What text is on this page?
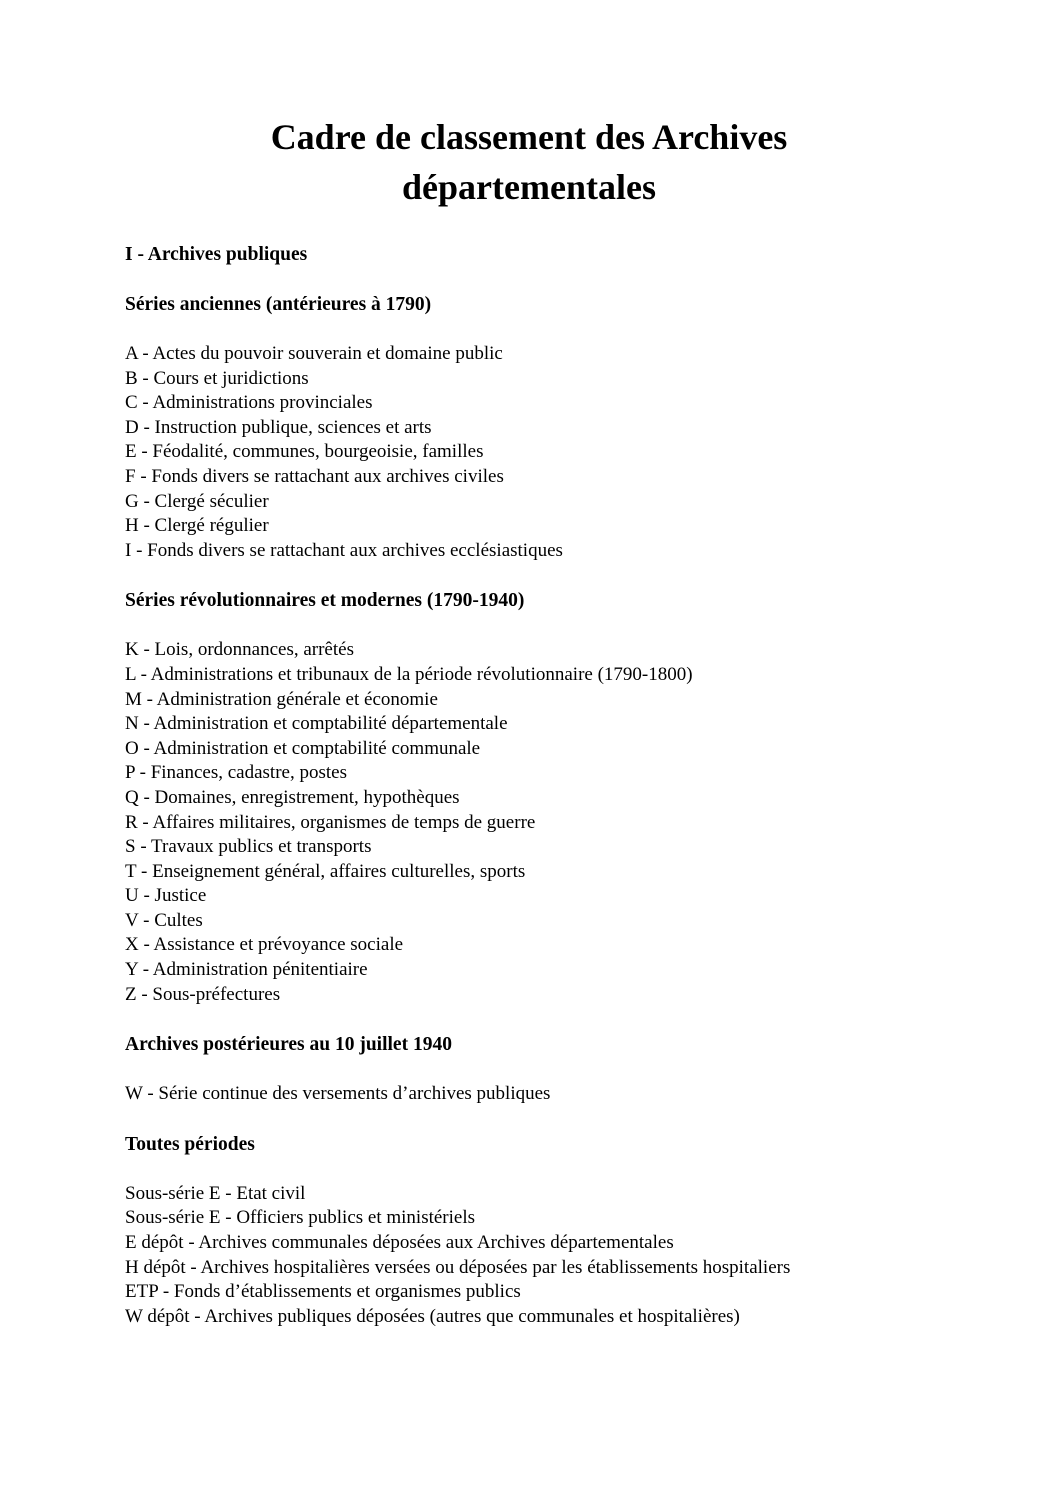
Cadre de classement des Archives départementales
I - Archives publiques
Séries anciennes (antérieures à 1790)

A - Actes du pouvoir souverain et domaine public

B - Cours et juridictions

C - Administrations provinciales

D - Instruction publique, sciences et arts

E - Féodalité, communes, bourgeoisie, familles

F - Fonds divers se rattachant aux archives civiles

G - Clergé séculier

H - Clergé régulier

I - Fonds divers se rattachant aux archives ecclésiastiques

Séries révolutionnaires et modernes (1790-1940)

K - Lois, ordonnances, arrêtés

L - Administrations et tribunaux de la période révolutionnaire (1790-1800)

M - Administration générale et économie

N - Administration et comptabilité départementale

O - Administration et comptabilité communale

P - Finances, cadastre, postes

Q - Domaines, enregistrement, hypothèques

R - Affaires militaires, organismes de temps de guerre

S - Travaux publics et transports

T - Enseignement général, affaires culturelles, sports

U - Justice

V - Cultes

X - Assistance et prévoyance sociale

Y - Administration pénitentiaire

Z - Sous-préfectures

Archives postérieures au 10 juillet 1940

W - Série continue des versements d’archives publiques

Toutes périodes

Sous-série E - Etat civil

Sous-série E - Officiers publics et ministériels

E dépôt - Archives communales déposées aux Archives départementales

H dépôt - Archives hospitalières versées ou déposées par les établissements hospitaliers

ETP - Fonds d’établissements et organismes publics

W dépôt - Archives publiques déposées (autres que communales et hospitalières)
